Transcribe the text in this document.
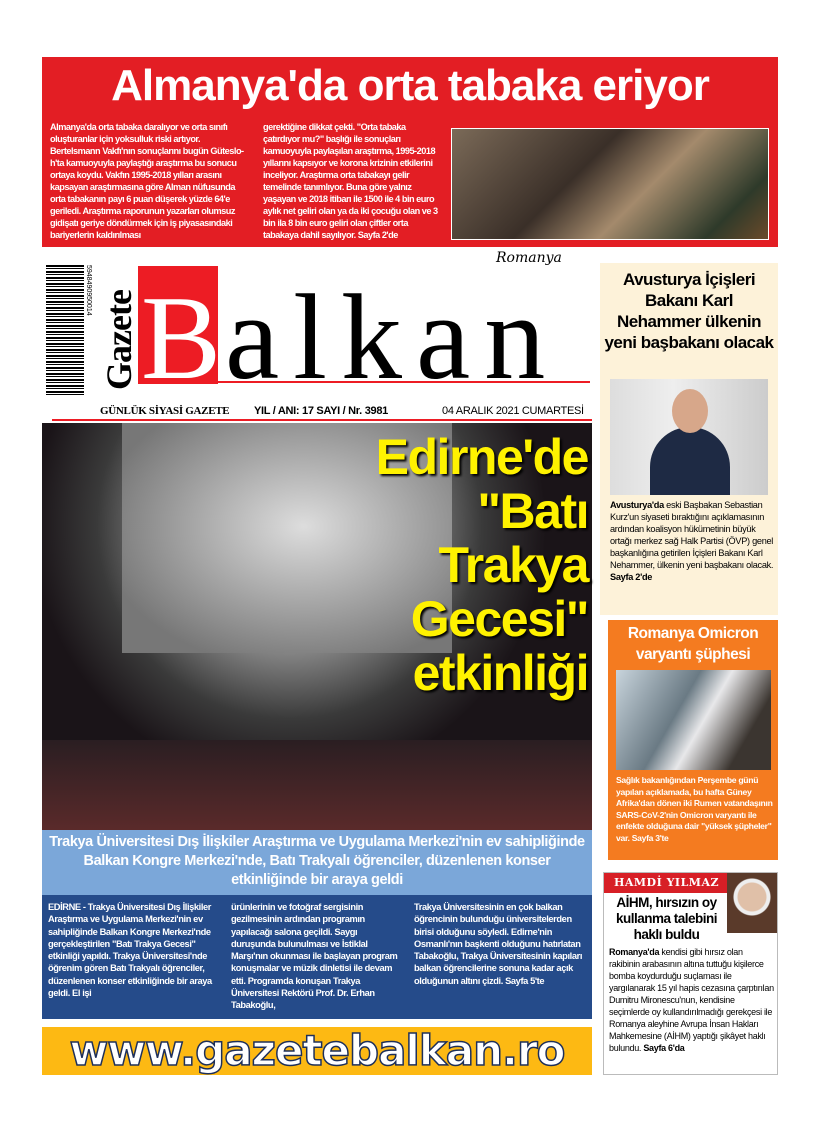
Almanya'da orta tabaka eriyor
Almanya'da orta tabaka daralıyor ve orta sınıfı oluşturanlar için yoksulluk riski artıyor. Bertelsmann Vakfı'nın sonuçlarını bugün Güteslo-h'ta kamuoyuyla paylaştığı araştırma bu sonucu ortaya koydu. Vakfın 1995-2018 yılları arasını kapsayan araştırmasına göre Alman nüfusunda orta tabakanın payı 6 puan düşerek yüzde 64'e geriledi. Araştırma raporunun yazarları olumsuz gidişatı geriye döndürmek için iş piyasasındaki bariyerlerin kaldırılması
gerektiğine dikkat çekti. "Orta tabaka çatırdıyor mu?" başlığı ile sonuçları kamuoyuyla paylaşılan araştırma, 1995-2018 yıllarını kapsıyor ve korona krizinin etkilerini inceliyor. Araştırma orta tabakayı gelir temelinde tanımlıyor. Buna göre yalnız yaşayan ve 2018 itibarı ile 1500 ile 4 bin euro aylık net geliri olan ya da iki çocuğu olan ve 3 bin ila 8 bin euro geliri olan çiftler orta tabakaya dahil sayılıyor. Sayfa 2'de
5948490950014 Gazete B alkan
Romanya
GÜNLÜK SİYASİ GAZETE YIL / ANI: 17 SAYI / Nr. 3981	04 ARALIK 2021 CUMARTESİ
Edirne'de "Batı Trakya Gecesi" etkinliği
Trakya Üniversitesi Dış İlişkiler Araştırma ve Uygulama Merkezi'nin ev sahipliğinde Balkan Kongre Merkezi'nde, Batı Trakyalı öğrenciler, düzenlenen konser etkinliğinde bir araya geldi
EDİRNE - Trakya Üniversitesi Dış İlişkiler Araştırma ve Uygulama Merkezi'nin ev sahipliğinde Balkan Kongre Merkezi'nde gerçekleştirilen "Batı Trakya Gecesi" etkinliği yapıldı. Trakya Üniversitesi'nde öğrenim gören Batı Trakyalı öğrenciler, düzenlenen konser etkinliğinde bir araya geldi. El işi
ürünlerinin ve fotoğraf sergisinin gezilmesinin ardından programın yapılacağı salona geçildi. Saygı duruşunda bulunulması ve İstiklal Marşı'nın okunması ile başlayan program konuşmalar ve müzik dinletisi ile devam etti. Programda konuşan Trakya Üniversitesi Rektörü Prof. Dr. Erhan Tabakoğlu,
Trakya Üniversitesinin en çok balkan öğrencinin bulunduğu üniversitelerden birisi olduğunu söyledi. Edirne'nin Osmanlı'nın başkenti olduğunu hatırlatan Tabakoğlu, Trakya Üniversitesinin kapıları balkan öğrencilerine sonuna kadar açık olduğunun altını çizdi. Sayfa 5'te
www.gazetebalkan.ro
Avusturya İçişleri Bakanı Karl Nehammer ülkenin yeni başbakanı olacak
Avusturya'da eski Başbakan Sebastian Kurz'un siyaseti bıraktığını açıklamasının ardından koalisyon hükümetinin büyük ortağı merkez sağ Halk Partisi (ÖVP) genel başkanlığına getirilen İçişleri Bakanı Karl Nehammer, ülkenin yeni başbakanı olacak. Sayfa 2'de
Romanya Omicron varyantı şüphesi
Sağlık bakanlığından Perşembe günü yapılan açıklamada, bu hafta Güney Afrika'dan dönen iki Rumen vatandaşının SARS-CoV-2'nin Omicron varyantı ile enfekte olduğuna dair "yüksek şüpheler" var. Sayfa 3'te
HAMDİ YILMAZ
AİHM, hırsızın oy kullanma talebini haklı buldu
Romanya'da kendisi gibi hırsız olan rakibinin arabasının altına tuttuğu kişilerce bomba koydurduğu suçlaması ile yargılanarak 15 yıl hapis cezasına çarptırılan Dumitru Mironescu'nun, kendisine seçimlerde oy kullandırılmadığı gerekçesi ile Romanya aleyhine Avrupa İnsan Hakları Mahkemesine (AİHM) yaptığı şikâyet haklı bulundu. Sayfa 6'da
